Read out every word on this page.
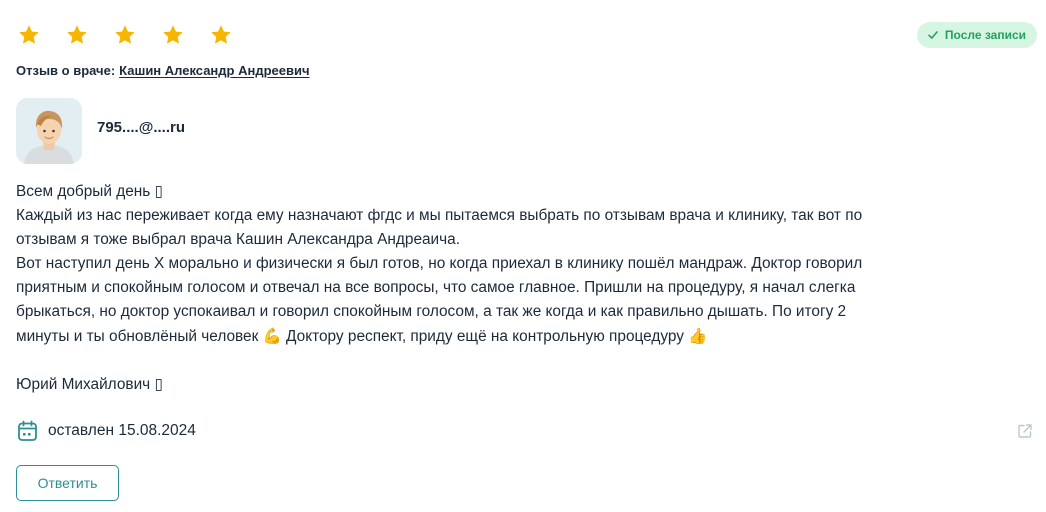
После записи
Отзыв о враче: Кашин Александр Андреевич
795....@....ru

Всем добрый день ▯

Каждый из нас переживает когда ему назначают фгдс и мы пытаемся выбрать по отзывам врача и клинику, так вот по

отзывам я тоже выбрал врача Кашин Александра Андреаича.

Вот наступил день Х морально и физически я был готов, но когда приехал в клинику пошёл мандраж. Доктор говорил

приятным и спокойным голосом и отвечал на все вопросы, что самое главное. Пришли на процедуру, я начал слегка

брыкаться, но доктор успокаивал и говорил спокойным голосом, а так же когда и как правильно дышать. По итогу 2

минуты и ты обновлёный человек 💪 Доктору респект, приду ещё на контрольную процедуру 👍

Юрий Михайлович ▯

оставлен 15.08.2024
Ответить
